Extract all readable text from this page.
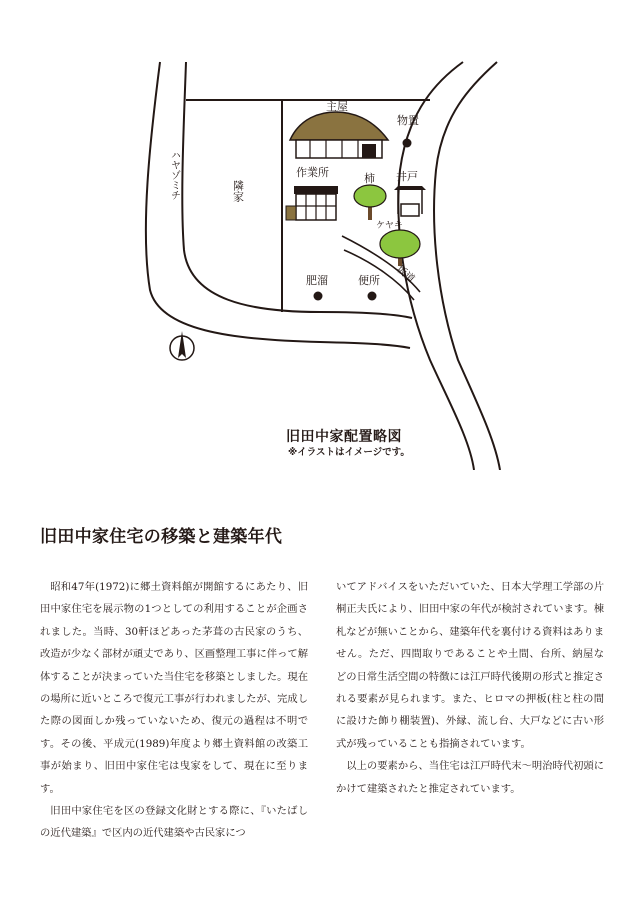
主屋
物置
作業所	柿 井戸
ケヤキ
隣家
ハヤゾミチ
肥溜	便所 坂道
旧田中家配置略図
※イラストはイメージです。
旧田中家住宅の移築と建築年代

昭和47年(1972)に郷土資料館が開館するにあたり、旧田中家住宅を展示物の1つとしての利用することが企画されました。当時、30軒ほどあった茅葺の古民家のうち、改造が少なく部材が頑丈であり、区画整理工事に伴って解体することが決まっていた当住宅を移築としました。現在の場所に近いところで復元工事が行われましたが、完成した際の図面しか残っていないため、復元の過程は不明です。その後、平成元(1989)年度より郷土資料館の改築工事が始まり、旧田中家住宅は曳家をして、現在に至ります。

旧田中家住宅を区の登録文化財とする際に、『いたばしの近代建築』で区内の近代建築や古民家につ

いてアドバイスをいただいていた、日本大学理工学部の片桐正夫氏により、旧田中家の年代が検討されています。棟札などが無いことから、建築年代を裏付ける資料はありません。ただ、四間取りであることや土間、台所、納屋などの日常生活空間の特徴には江戸時代後期の形式と推定される要素が見られます。また、ヒロマの押板(柱と柱の間に設けた飾り棚装置)、外縁、流し台、大戸などに古い形式が残っていることも指摘されています。

以上の要素から、当住宅は江戸時代末～明治時代初頭にかけて建築されたと推定されています。
